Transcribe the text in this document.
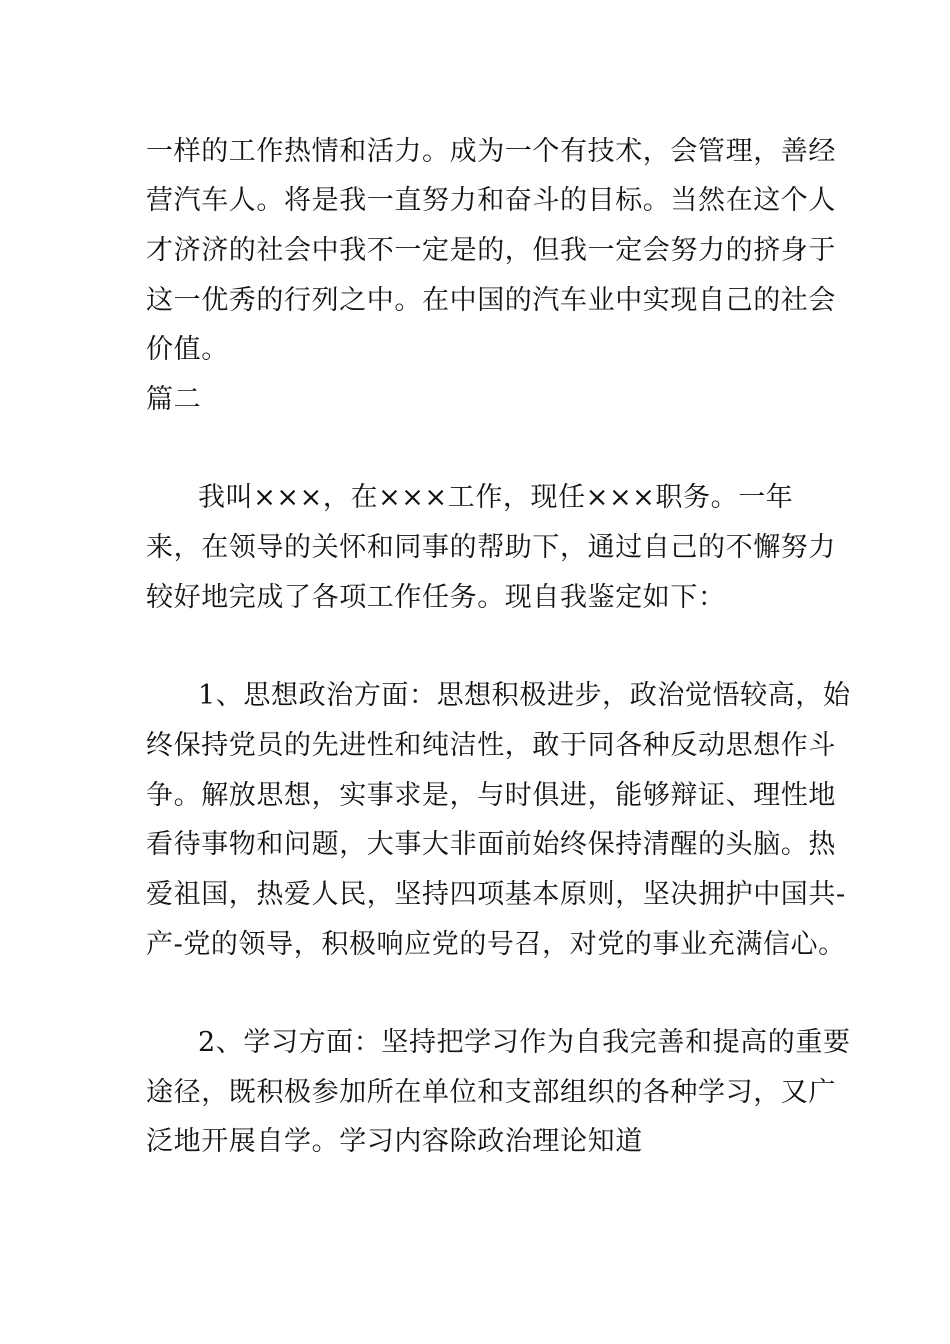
一样的工作热情和活力。成为一个有技术，会管理，善经
营汽车人。将是我一直努力和奋斗的目标。当然在这个人
才济济的社会中我不一定是的，但我一定会努力的挤身于
这一优秀的行列之中。在中国的汽车业中实现自己的社会
价值。
篇二
我叫×××，在×××工作，现任×××职务。一年
来，在领导的关怀和同事的帮助下，通过自己的不懈努力
较好地完成了各项工作任务。现自我鉴定如下：
1、思想政治方面：思想积极进步，政治觉悟较高，始
终保持党员的先进性和纯洁性，敢于同各种反动思想作斗
争。解放思想，实事求是，与时俱进，能够辩证、理性地
看待事物和问题，大事大非面前始终保持清醒的头脑。热
爱祖国，热爱人民，坚持四项基本原则，坚决拥护中国共-
产-党的领导，积极响应党的号召，对党的事业充满信心。
2、学习方面：坚持把学习作为自我完善和提高的重要
途径，既积极参加所在单位和支部组织的各种学习，又广
泛地开展自学。学习内容除政治理论知道
